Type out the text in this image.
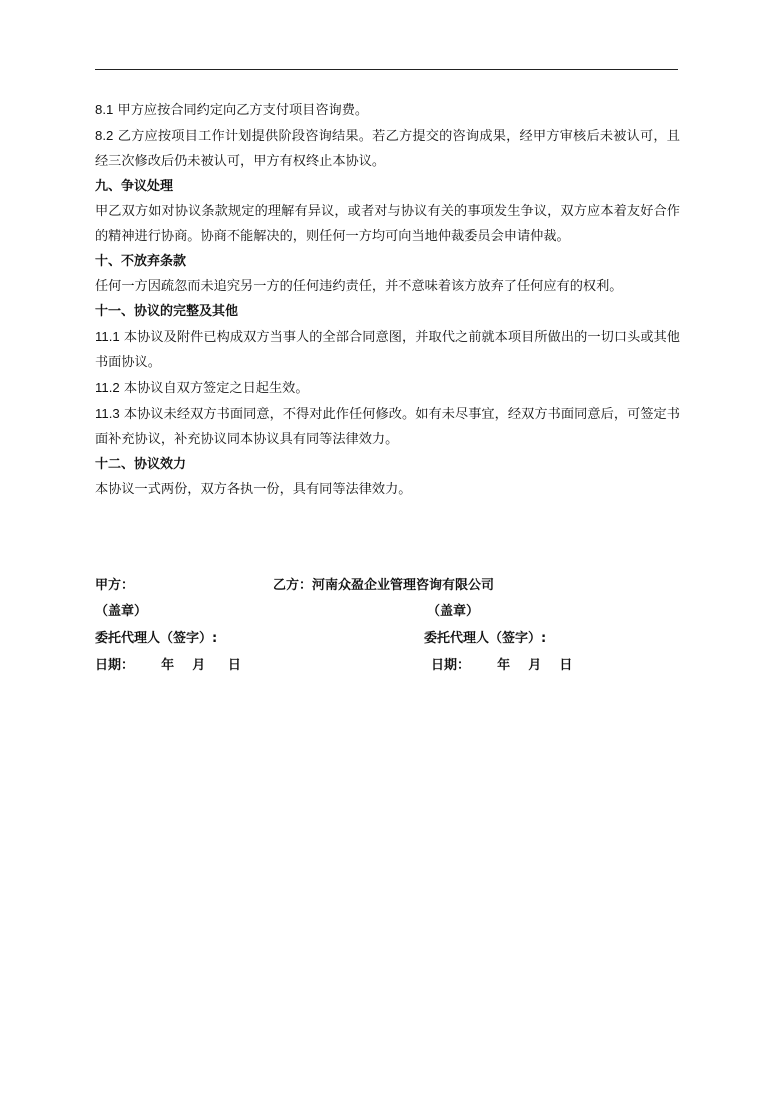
8.1 甲方应按合同约定向乙方支付项目咨询费。

8.2 乙方应按项目工作计划提供阶段咨询结果。若乙方提交的咨询成果，经甲方审核后未被认可，且经三次修改后仍未被认可，甲方有权终止本协议。

九、争议处理

甲乙双方如对协议条款规定的理解有异议，或者对与协议有关的事项发生争议，双方应本着友好合作的精神进行协商。协商不能解决的，则任何一方均可向当地仲裁委员会申请仲裁。

十、不放弃条款

任何一方因疏忽而未追究另一方的任何违约责任，并不意味着该方放弃了任何应有的权利。

十一、协议的完整及其他

11.1 本协议及附件已构成双方当事人的全部合同意图，并取代之前就本项目所做出的一切口头或其他书面协议。

11.2 本协议自双方签定之日起生效。

11.3 本协议未经双方书面同意，不得对此作任何修改。如有未尽事宜，经双方书面同意后，可签定书面补充协议，补充协议同本协议具有同等法律效力。

十二、协议效力

本协议一式两份，双方各执一份，具有同等法律效力。

甲方：	乙方：河南众盈企业管理咨询有限公司
（盖章）	（盖章）
委托代理人（签字）:	委托代理人（签字）:
日期：      年    月     日	日期：      年    月    日
